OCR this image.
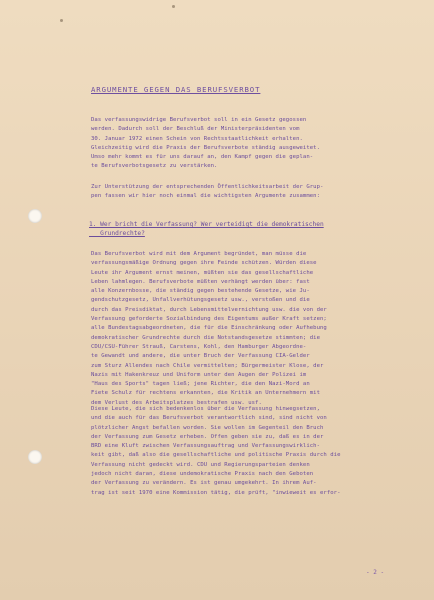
ARGUMENTE GEGEN DAS BERUFSVERBOT
Das verfassungswidrige Berufsverbot soll in ein Gesetz gegossen
werden. Dadurch soll der Beschluß der Ministerpräsidenten vom
30. Januar 1972 einen Schein von Rechtsstaatlichkeit erhalten.
Gleichzeitig wird die Praxis der Berufsverbote ständig ausgeweitet.
Umso mehr kommt es für uns darauf an, den Kampf gegen die geplan-
te Berufsverbotsgesetz zu verstärken.
Zur Unterstützung der entsprechenden Öffentlichkeitsarbeit der Grup-
pen fassen wir hier noch einmal die wichtigsten Argumente zusammen:
1. Wer bricht die Verfassung? Wer verteidigt die demokratischen
Grundrechte?
Das Berufsverbot wird mit dem Argument begründet, man müsse die
verfassungsmäßige Ordnung gegen ihre Feinde schützen. Würden diese
Leute ihr Argument ernst meinen, müßten sie das gesellschaftliche
Leben lahmlegen. Berufsverbote müßten verhängt werden über: fast
alle Konzernbosse, die ständig gegen bestehende Gesetze, wie Ju-
gendschutzgesetz, Unfallverhütungsgesetz usw., verstoßen und die
durch das Preisdiktat, durch Lebensmittelvernichtung usw. die von der
Verfassung geforderte Sozialbindung des Eigentums außer Kraft setzen;
alle Bundestagsabgeordneten, die für die Einschränkung oder Aufhebung
demokratischer Grundrechte durch die Notstandsgesetze stimmten; die
CDU/CSU-Führer Strauß, Carstens, Kohl, den Hamburger Abgeordne-
te Gewandt und andere, die unter Bruch der Verfassung CIA-Gelder
zum Sturz Allendes nach Chile vermittelten; Bürgermeister Klose, der
Nazis mit Hakenkreuz und Uniform unter den Augen der Polizei im
"Haus des Sports" tagen ließ; jene Richter, die den Nazi-Mord an
Fiete Schulz für rechtens erkannten, die Kritik an Unternehmern mit
dem Verlust des Arbeitsplatzes bestrafen usw. usf.
Diese Leute, die sich bedenkenlos über die Verfassung hinwegsetzen,
und die auch für das Berufsverbot verantwortlich sind, sind nicht von
plötzlicher Angst befallen worden. Sie wollen im Gegenteil den Bruch
der Verfassung zum Gesetz erheben. Offen geben sie zu, daß es in der
BRD eine Kluft zwischen Verfassungsauftrag und Verfassungswirklich-
keit gibt, daß also die gesellschaftliche und politische Praxis durch die
Verfassung nicht gedeckt wird. CDU und Regierungsparteien denken
jedoch nicht daran, diese undemokratische Praxis nach den Geboten
der Verfassung zu verändern. Es ist genau umgekehrt. In ihrem Auf-
trag ist seit 1970 eine Kommission tätig, die prüft, "inwieweit es erfor-
- 2 -
